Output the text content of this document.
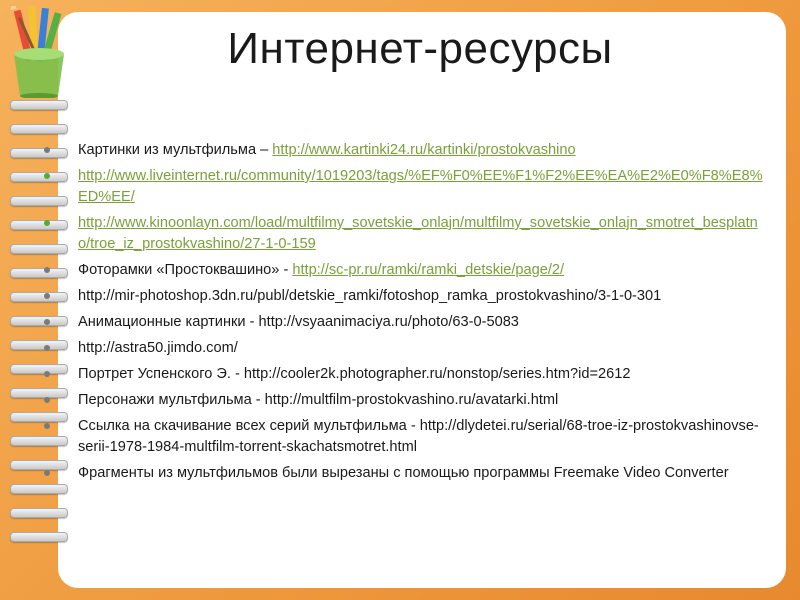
Интернет-ресурсы
Картинки из мультфильма – http://www.kartinki24.ru/kartinki/prostokvashino
http://www.liveinternet.ru/community/1019203/tags/%EF%F0%EE%F1%F2%EE%EA%E2%E0%F8%E8%ED%EE/
http://www.kinoonlayn.com/load/multfilmy_sovetskie_onlajn/multfilmy_sovetskie_onlajn_smotret_besplatno/troe_iz_prostokvashino/27-1-0-159
Фоторамки «Простоквашино» - http://sc-pr.ru/ramki/ramki_detskie/page/2/
http://mir-photoshop.3dn.ru/publ/detskie_ramki/fotoshop_ramka_prostokvashino/3-1-0-301
Анимационные картинки - http://vsyaanimaciya.ru/photo/63-0-5083
http://astra50.jimdo.com/
Портрет Успенского Э. - http://cooler2k.photographer.ru/nonstop/series.htm?id=2612
Персонажи мультфильма - http://multfilm-prostokvashino.ru/avatarki.html
Ссылка на скачивание всех серий мультфильма - http://dlydetei.ru/serial/68-troe-iz-prostokvashinovse-serii-1978-1984-multfilm-torrent-skachatsmotret.html
Фрагменты из мультфильмов были вырезаны с помощью программы Freemake Video Converter
